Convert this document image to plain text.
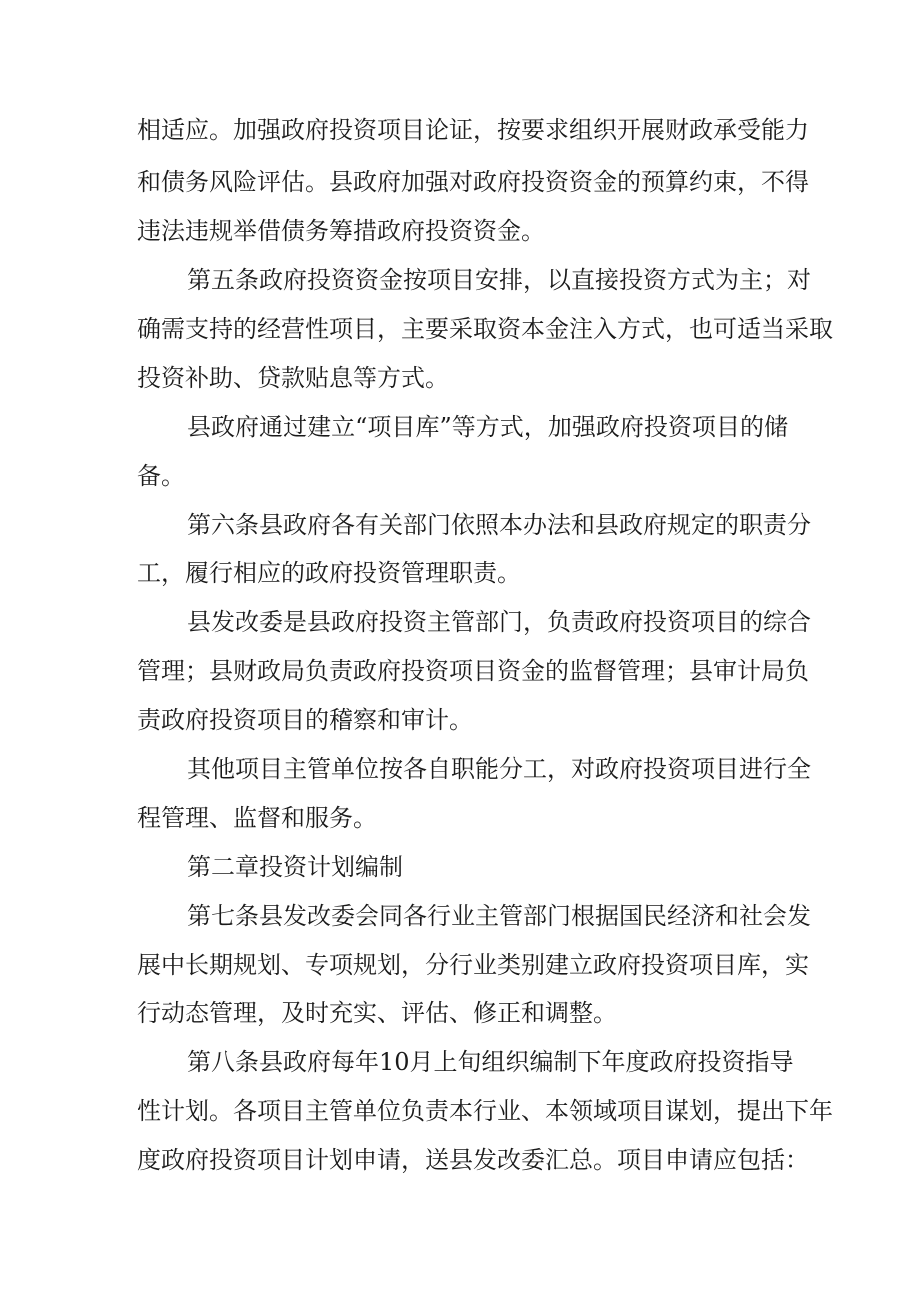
相适应。加强政府投资项目论证，按要求组织开展财政承受能力
和债务风险评估。县政府加强对政府投资资金的预算约束，不得
违法违规举借债务筹措政府投资资金。
第五条政府投资资金按项目安排，以直接投资方式为主；对
确需支持的经营性项目，主要采取资本金注入方式，也可适当采取
投资补助、贷款贴息等方式。
县政府通过建立“项目库”等方式，加强政府投资项目的储
备。
第六条县政府各有关部门依照本办法和县政府规定的职责分
工，履行相应的政府投资管理职责。
县发改委是县政府投资主管部门，负责政府投资项目的综合
管理；县财政局负责政府投资项目资金的监督管理；县审计局负
责政府投资项目的稽察和审计。
其他项目主管单位按各自职能分工，对政府投资项目进行全
程管理、监督和服务。
第二章投资计划编制
第七条县发改委会同各行业主管部门根据国民经济和社会发
展中长期规划、专项规划，分行业类别建立政府投资项目库，实
行动态管理，及时充实、评估、修正和调整。
第八条县政府每年10月上旬组织编制下年度政府投资指导
性计划。各项目主管单位负责本行业、本领域项目谋划，提出下年
度政府投资项目计划申请，送县发改委汇总。项目申请应包括：
